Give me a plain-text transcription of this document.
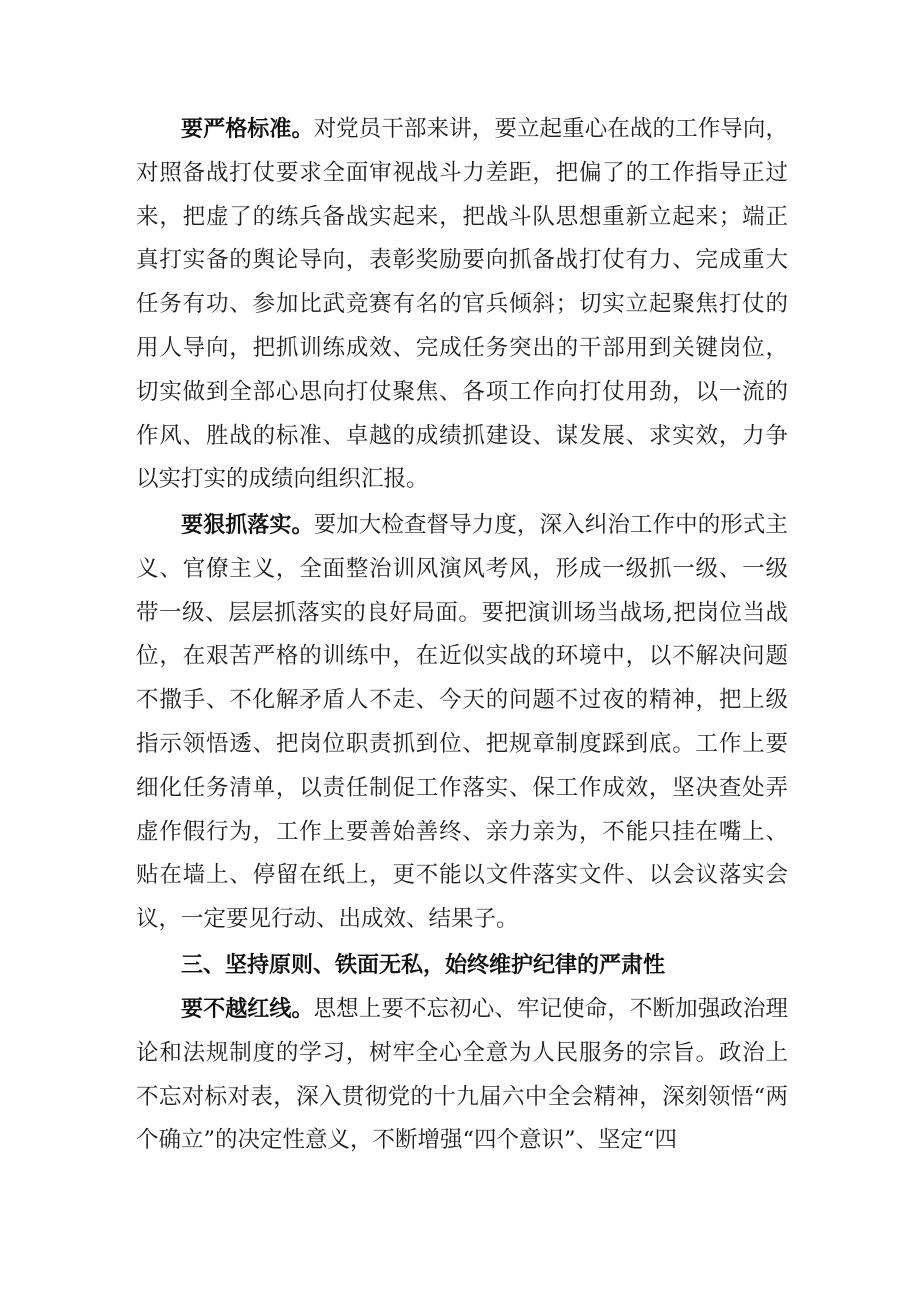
要严格标准。对党员干部来讲，要立起重心在战的工作导向，对照备战打仗要求全面审视战斗力差距，把偏了的工作指导正过来，把虚了的练兵备战实起来，把战斗队思想重新立起来；端正真打实备的舆论导向，表彰奖励要向抓备战打仗有力、完成重大任务有功、参加比武竞赛有名的官兵倾斜；切实立起聚焦打仗的用人导向，把抓训练成效、完成任务突出的干部用到关键岗位，切实做到全部心思向打仗聚焦、各项工作向打仗用劲，以一流的作风、胜战的标准、卓越的成绩抓建设、谋发展、求实效，力争以实打实的成绩向组织汇报。

要狠抓落实。要加大检查督导力度，深入纠治工作中的形式主义、官僚主义，全面整治训风演风考风，形成一级抓一级、一级带一级、层层抓落实的良好局面。要把演训场当战场,把岗位当战位，在艰苦严格的训练中，在近似实战的环境中，以不解决问题不撒手、不化解矛盾人不走、今天的问题不过夜的精神，把上级指示领悟透、把岗位职责抓到位、把规章制度踩到底。工作上要细化任务清单，以责任制促工作落实、保工作成效，坚决查处弄虚作假行为，工作上要善始善终、亲力亲为，不能只挂在嘴上、贴在墙上、停留在纸上，更不能以文件落实文件、以会议落实会议，一定要见行动、出成效、结果子。

三、坚持原则、铁面无私，始终维护纪律的严肃性

要不越红线。思想上要不忘初心、牢记使命，不断加强政治理论和法规制度的学习，树牢全心全意为人民服务的宗旨。政治上不忘对标对表，深入贯彻党的十九届六中全会精神，深刻领悟“两个确立”的决定性意义，不断增强“四个意识”、坚定“四
